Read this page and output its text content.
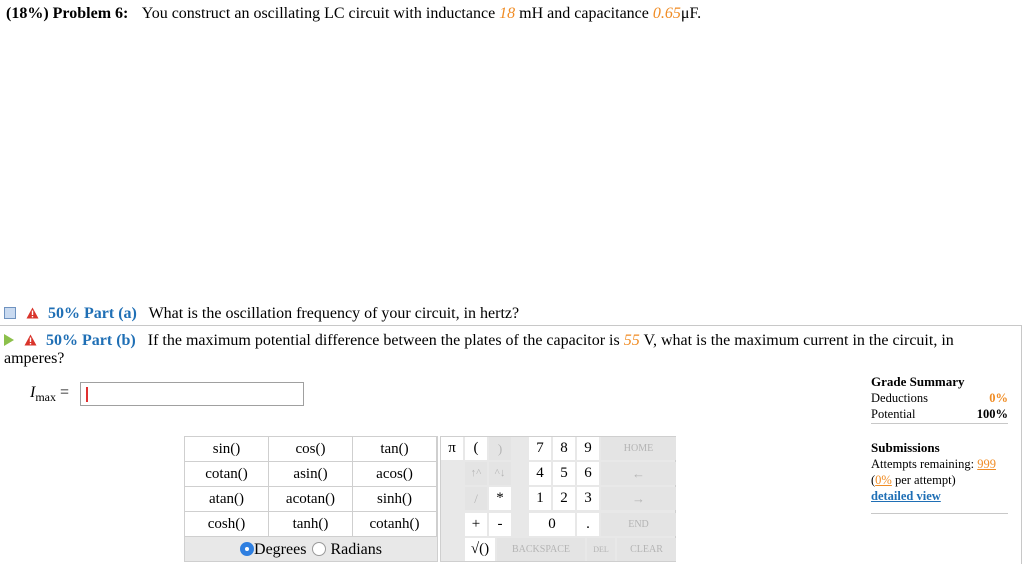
(18%) Problem 6: You construct an oscillating LC circuit with inductance 18 mH and capacitance 0.65μF.
50% Part (a) What is the oscillation frequency of your circuit, in hertz?
50% Part (b) If the maximum potential difference between the plates of the capacitor is 55 V, what is the maximum current in the circuit, in
amperes?
$I_{max}$ =
sin()	cos()	tan()
cotan()	asin()	acos()
atan()	acotan()	sinh()
cosh()	tanh()	cotanh()
Degrees	Radians
π	(	)	7	8	9	HOME
↑^	^↓	4	5	6	←
/	*	1	2	3	→
+	-	0	.	END
√()	BACKSPACE	DEL	CLEAR
Grade Summary
Deductions	0%
Potential	100%
Submissions
Attempts remaining: 999
(0% per attempt)
detailed view
